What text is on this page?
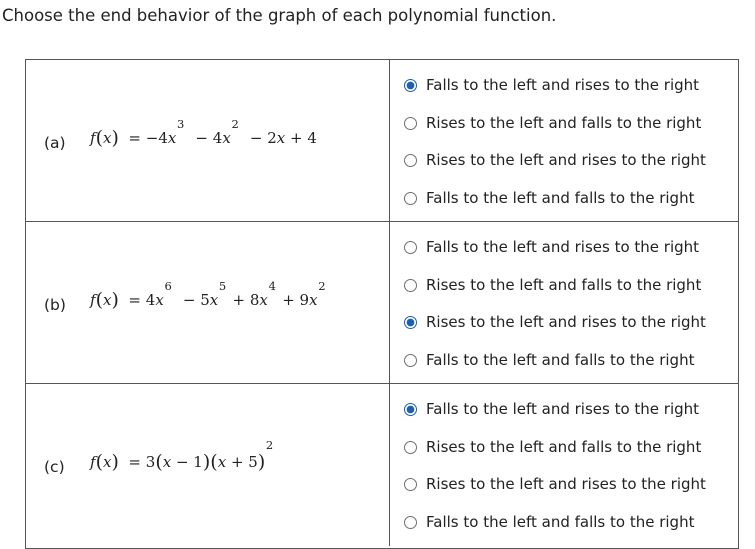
Choose the end behavior of the graph of each polynomial function.
(a) f(x)  = −4x
3
− 4x
2
− 2x + 4
Falls to the left and rises to the right
Rises to the left and falls to the right
Rises to the left and rises to the right
Falls to the left and falls to the right
(b) f(x)  = 4x
6
− 5x
5
+ 8x
4
+ 9x
2
Falls to the left and rises to the right
Rises to the left and falls to the right
Rises to the left and rises to the right
Falls to the left and falls to the right
(c) f(x)  = 3(x − 1)(x + 5)
2
Falls to the left and rises to the right
Rises to the left and falls to the right
Rises to the left and rises to the right
Falls to the left and falls to the right
